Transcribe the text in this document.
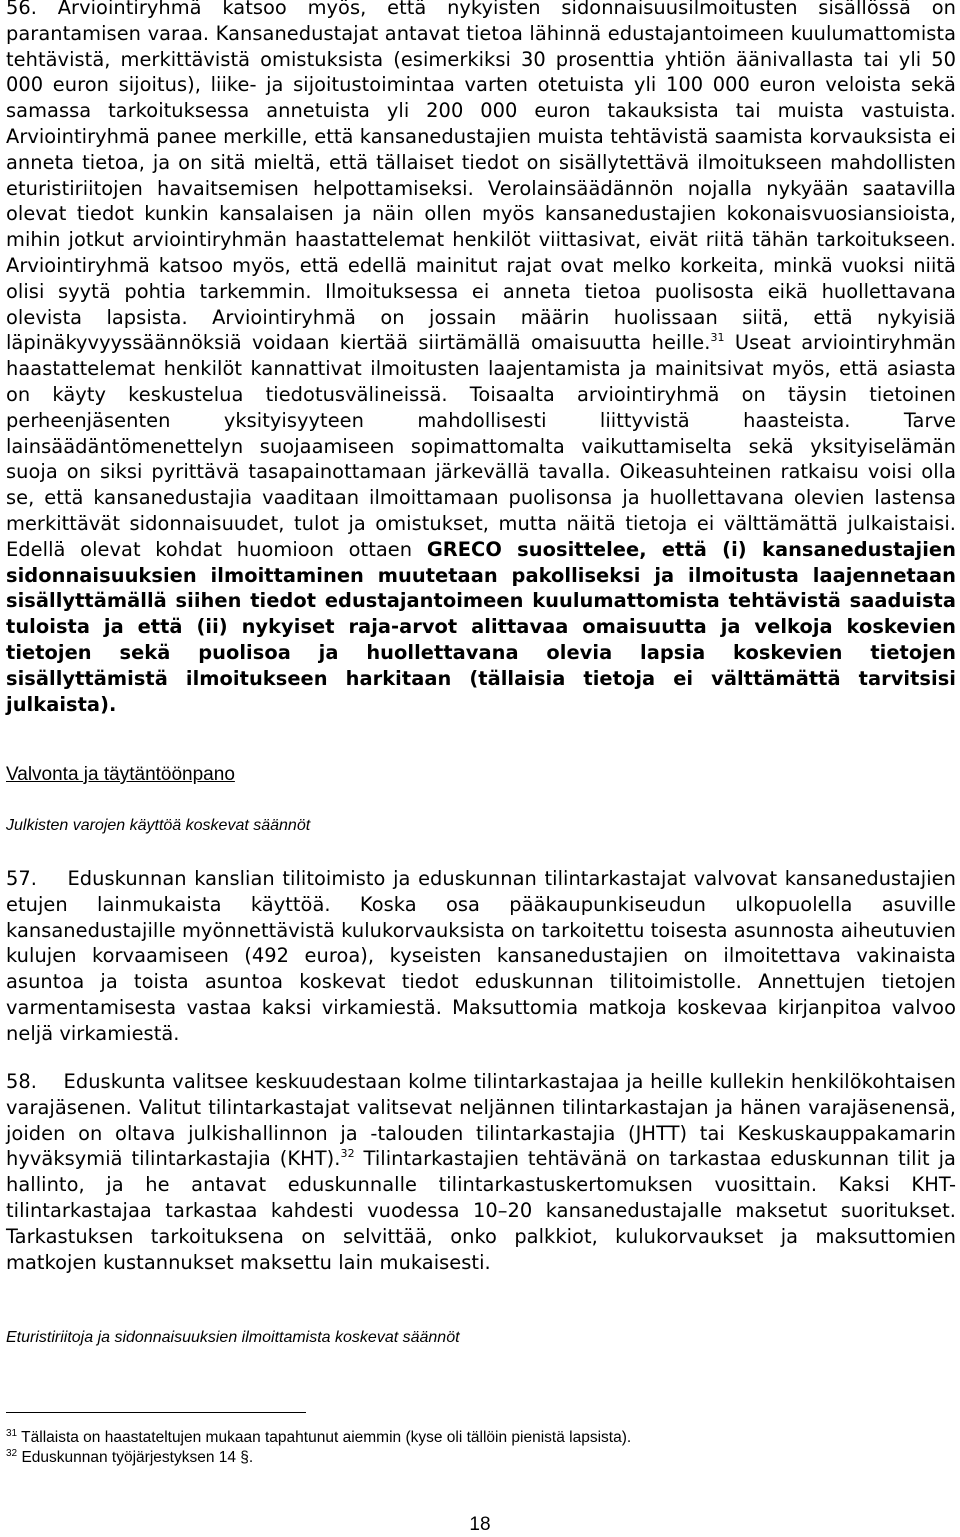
56. Arviointiryhmä katsoo myös, että nykyisten sidonnaisuusilmoitusten sisällössä on parantamisen varaa. Kansanedustajat antavat tietoa lähinnä edustajantoimeen kuulumattomista tehtävistä, merkittävistä omistuksista (esimerkiksi 30 prosenttia yhtiön äänivallasta tai yli 50 000 euron sijoitus), liike- ja sijoitustoimintaa varten otetuista yli 100 000 euron veloista sekä samassa tarkoituksessa annetuista yli 200 000 euron takauksista tai muista vastuista. Arviointiryhmä panee merkille, että kansanedustajien muista tehtävistä saamista korvauksista ei anneta tietoa, ja on sitä mieltä, että tällaiset tiedot on sisällytettävä ilmoitukseen mahdollisten eturistiriitojen havaitsemisen helpottamiseksi. Verolainsäädännön nojalla nykyään saatavilla olevat tiedot kunkin kansalaisen ja näin ollen myös kansanedustajien kokonaisvuosiansioista, mihin jotkut arviointiryhmän haastattelemat henkilöt viittasivat, eivät riitä tähän tarkoitukseen. Arviointiryhmä katsoo myös, että edellä mainitut rajat ovat melko korkeita, minkä vuoksi niitä olisi syytä pohtia tarkemmin. Ilmoituksessa ei anneta tietoa puolisosta eikä huollettavana olevista lapsista. Arviointiryhmä on jossain määrin huolissaan siitä, että nykyisiä läpinäkyvyyssäännöksiä voidaan kiertää siirtämällä omaisuutta heille.$^{31}$ Useat arviointiryhmän haastattelemat henkilöt kannattivat ilmoitusten laajentamista ja mainitsivat myös, että asiasta on käyty keskustelua tiedotusvälineissä. Toisaalta arviointiryhmä on täysin tietoinen perheenjäsenten yksityisyyteen mahdollisesti liittyvistä haasteista. Tarve lainsäädäntömenettelyn suojaamiseen sopimattomalta vaikuttamiselta sekä yksityiselämän suoja on siksi pyrittävä tasapainottamaan järkevällä tavalla. Oikeasuhteinen ratkaisu voisi olla se, että kansanedustajia vaaditaan ilmoittamaan puolisonsa ja huollettavana olevien lastensa merkittävät sidonnaisuudet, tulot ja omistukset, mutta näitä tietoja ei välttämättä julkaistaisi. Edellä olevat kohdat huomioon ottaen GRECO suosittelee, että (i) kansanedustajien sidonnaisuuksien ilmoittaminen muutetaan pakolliseksi ja ilmoitusta laajennetaan sisällyttämällä siihen tiedot edustajantoimeen kuulumattomista tehtävistä saaduista tuloista ja että (ii) nykyiset raja-arvot alittavaa omaisuutta ja velkoja koskevien tietojen sekä puolisoa ja huollettavana olevia lapsia koskevien tietojen sisällyttämistä ilmoitukseen harkitaan (tällaisia tietoja ei välttämättä tarvitsisi julkaista).

Valvonta ja täytäntöönpano

Julkisten varojen käyttöä koskevat säännöt

57.    Eduskunnan kanslian tilitoimisto ja eduskunnan tilintarkastajat valvovat kansanedustajien etujen lainmukaista käyttöä. Koska osa pääkaupunkiseudun ulkopuolella asuville kansanedustajille myönnettävistä kulukorvauksista on tarkoitettu toisesta asunnosta aiheutuvien kulujen korvaamiseen (492 euroa), kyseisten kansanedustajien on ilmoitettava vakinaista asuntoa ja toista asuntoa koskevat tiedot eduskunnan tilitoimistolle. Annettujen tietojen varmentamisesta vastaa kaksi virkamiestä. Maksuttomia matkoja koskevaa kirjanpitoa valvoo neljä virkamiestä.

58.    Eduskunta valitsee keskuudestaan kolme tilintarkastajaa ja heille kullekin henkilökohtaisen varajäsenen. Valitut tilintarkastajat valitsevat neljännen tilintarkastajan ja hänen varajäsenensä, joiden on oltava julkishallinnon ja -talouden tilintarkastajia (JHTT) tai Keskuskauppakamarin hyväksymiä tilintarkastajia (KHT).$^{32}$ Tilintarkastajien tehtävänä on tarkastaa eduskunnan tilit ja hallinto, ja he antavat eduskunnalle tilintarkastuskertomuksen vuosittain. Kaksi KHT-tilintarkastajaa tarkastaa kahdesti vuodessa 10–20 kansanedustajalle maksetut suoritukset. Tarkastuksen tarkoituksena on selvittää, onko palkkiot, kulukorvaukset ja maksuttomien matkojen kustannukset maksettu lain mukaisesti.

Eturistiriitoja ja sidonnaisuuksien ilmoittamista koskevat säännöt

$^{31}$ Tällaista on haastateltujen mukaan tapahtunut aiemmin (kyse oli tällöin pienistä lapsista).
$^{32}$ Eduskunnan työjärjestyksen 14 §.
18
